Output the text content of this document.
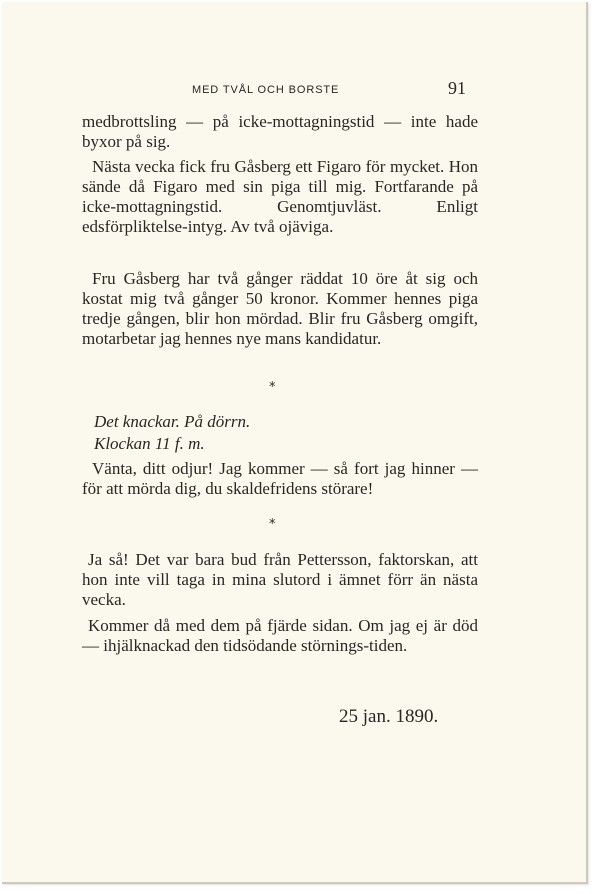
MED TVÅL OCH BORSTE	91
medbrottsling — på icke-mottagningstid — inte hade byxor på sig.
Nästa vecka fick fru Gåsberg ett Figaro för mycket. Hon sände då Figaro med sin piga till mig. Fortfarande på icke-mottagningstid. Genomtjuvläst. Enligt edsförpliktelse-intyg. Av två ojäviga.
Fru Gåsberg har två gånger räddat 10 öre åt sig och kostat mig två gånger 50 kronor. Kommer hennes piga tredje gången, blir hon mördad. Blir fru Gåsberg omgift, motarbetar jag hennes nye mans kandidatur.
*
Det knackar. På dörrn.
Klockan 11 f. m.
Vänta, ditt odjur! Jag kommer — så fort jag hinner — för att mörda dig, du skaldefridens störare!
*
Ja så! Det var bara bud från Pettersson, faktorskan, att hon inte vill taga in mina slutord i ämnet förr än nästa vecka.
Kommer då med dem på fjärde sidan. Om jag ej är död — ihjälknackad den tidsödande störnings-tiden.
25 jan. 1890.
